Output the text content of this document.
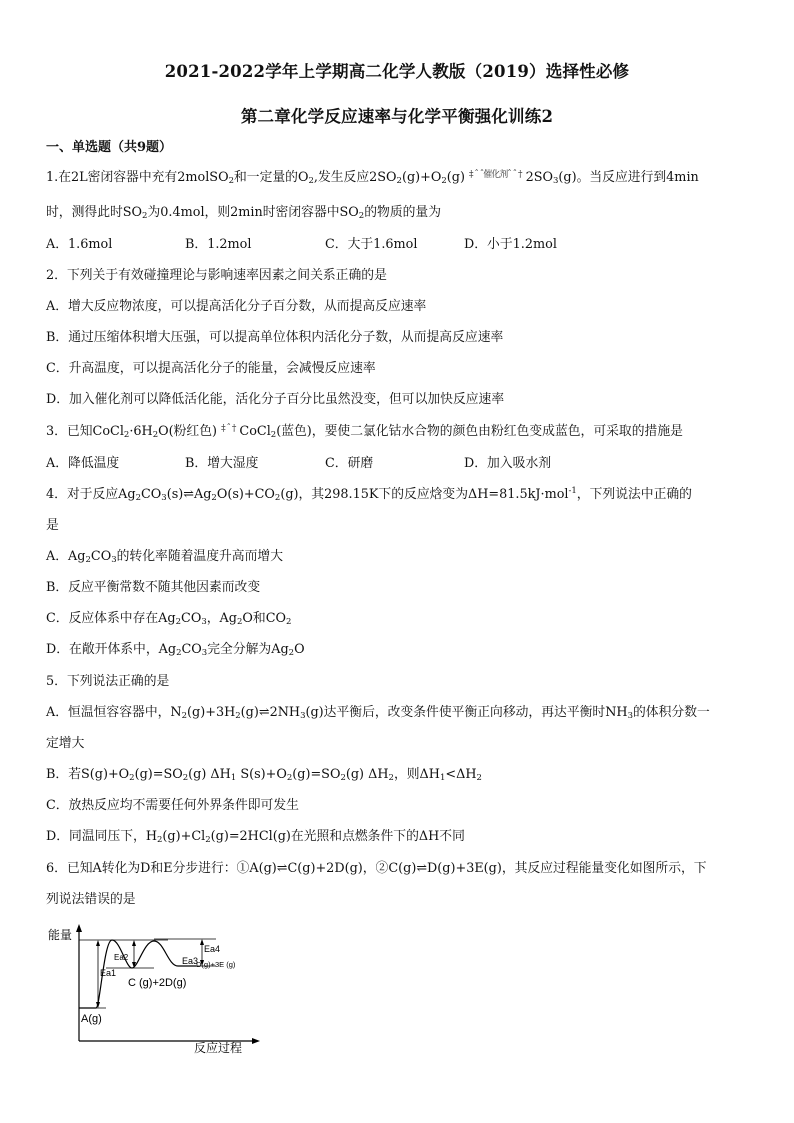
2021-2022学年上学期高二化学人教版（2019）选择性必修
第二章化学反应速率与化学平衡强化训练2
一、单选题（共9题）
1.在2L密闭容器中充有2molSO$_2$和一定量的$O_2$,发生反应$2SO_2(g)+O_2(g)$ $^{\ddagger ˆ ˆ催化剂ˆ ˆ \dagger}$ $2SO_3(g)$。当反应进行到4min
时，测得此时$SO_2$为0.4mol，则2min时密闭容器中$SO_2$的物质的量为
A．1.6mol	B．1.2mol	C．大于1.6mol	D．小于1.2mol
2．下列关于有效碰撞理论与影响速率因素之间关系正确的是
A．增大反应物浓度，可以提高活化分子百分数，从而提高反应速率
B．通过压缩体积增大压强，可以提高单位体积内活化分子数，从而提高反应速率
C．升高温度，可以提高活化分子的能量，会减慢反应速率
D．加入催化剂可以降低活化能，活化分子百分比虽然没变，但可以加快反应速率
3．已知$CoCl_2\cdot 6H_2O$(粉红色) $^{\ddagger ˆ \dagger}$ CoCl$_2$(蓝色)，要使二氯化钴水合物的颜色由粉红色变成蓝色，可采取的措施是
A．降低温度	B．增大湿度	C．研磨	D．加入吸水剂
4．对于反应$Ag_2CO_3(s)\rightleftharpoons Ag_2O(s)+CO_2(g)$，其298.15K下的反应焓变为ΔH=81.5kJ·mol$^{-1}$，下列说法中正确的
是
A．$Ag_2CO_3$的转化率随着温度升高而增大
B．反应平衡常数不随其他因素而改变
C．反应体系中存在$Ag_2CO_3$，$Ag_2O$和$CO_2$
D．在敞开体系中，$Ag_2CO_3$完全分解为$Ag_2O$
5．下列说法正确的是
A．恒温恒容容器中，$N_2(g)+3H_2(g)\rightleftharpoons 2NH_3(g)$达平衡后，改变条件使平衡正向移动，再达平衡时$NH_3$的体积分数一
定增大
B．若$S(g)+O_2(g)=SO_2(g)$ $\Delta H_1$ $S(s)+O_2(g)=SO_2(g)$ $\Delta H_2$，则$\Delta H_1<\Delta H_2$
C．放热反应均不需要任何外界条件即可发生
D．同温同压下，$H_2(g)+Cl_2(g)=2HCl(g)$在光照和点燃条件下的ΔH不同
6．已知A转化为D和E分步进行：①A(g)⇌C(g)+2D(g)，②C(g)⇌D(g)+3E(g)，其反应过程能量变化如图所示，下
列说法错误的是
能量
反应过程
Ea1
Ea2	Ea3
Ea4
C (g)+2D(g)
D(g)+3E (g)
A(g)
